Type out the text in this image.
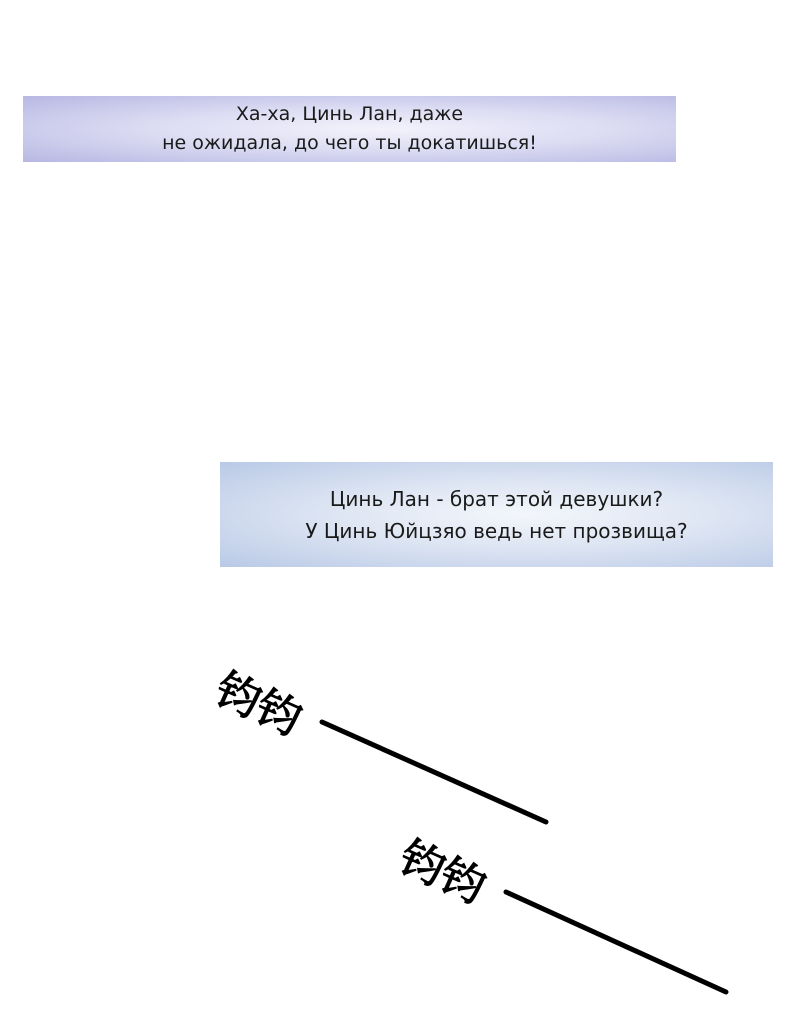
Ха-ха, Цинь Лан, даже
не ожидала, до чего ты докатишься!
Цинь Лан - брат этой девушки?
У Цинь Юйцзяо ведь нет прозвища?
钧钧
钧钧
